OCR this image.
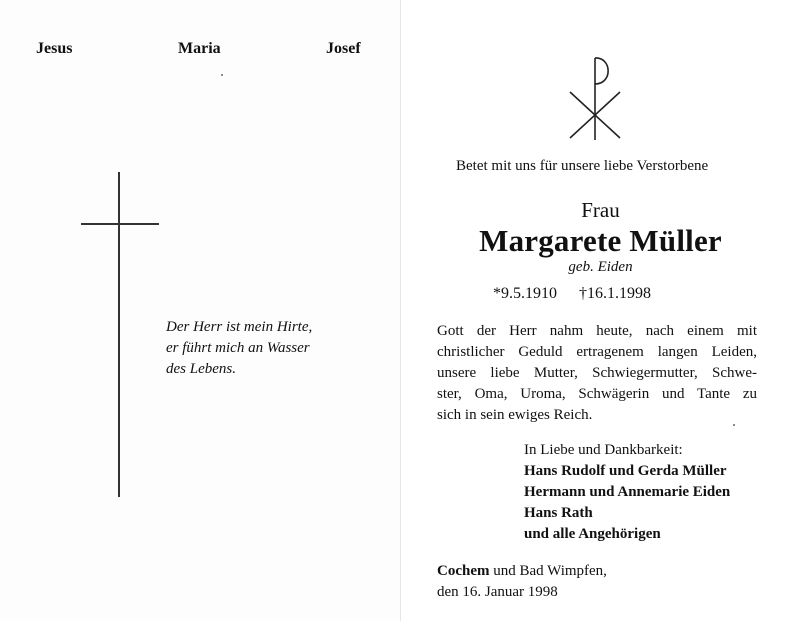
Jesus	Maria	Josef
Der Herr ist mein Hirte,
er führt mich an Wasser
des Lebens.
Betet mit uns für unsere liebe Verstorbene
Frau
Margarete Müller
geb. Eiden
*9.5.1910 †16.1.1998
Gott der Herr nahm heute, nach einem mit
christlicher Geduld ertragenem langen Leiden,
unsere liebe Mutter, Schwiegermutter, Schwe-
ster, Oma, Uroma, Schwägerin und Tante zu
sich in sein ewiges Reich.
In Liebe und Dankbarkeit:
Hans Rudolf und Gerda Müller
Hermann und Annemarie Eiden
Hans Rath
und alle Angehörigen
Cochem und Bad Wimpfen,
den 16. Januar 1998
